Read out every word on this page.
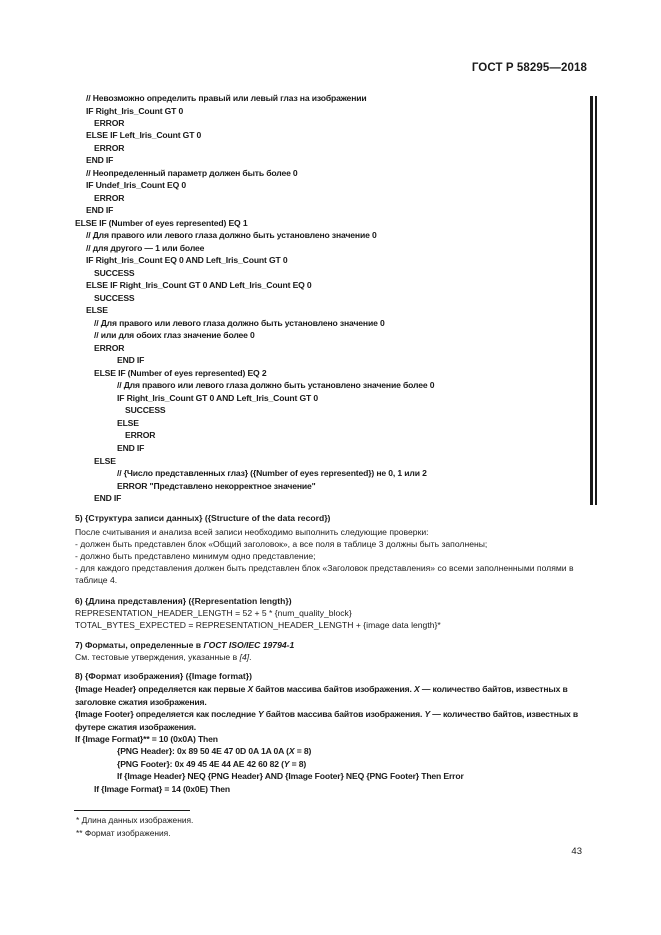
ГОСТ Р 58295—2018
// Невозможно определить правый или левый глаз на изображении
IF Right_Iris_Count GT 0
ERROR
ELSE IF Left_Iris_Count GT 0
ERROR
END IF
// Неопределенный параметр должен быть более 0
IF Undef_Iris_Count EQ 0
ERROR
END IF
ELSE IF (Number of eyes represented) EQ 1
// Для правого или левого глаза должно быть установлено значение 0
// для другого — 1 или более
IF Right_Iris_Count EQ 0 AND Left_Iris_Count GT 0
SUCCESS
ELSE IF Right_Iris_Count GT 0 AND Left_Iris_Count EQ 0
SUCCESS
ELSE
// Для правого или левого глаза должно быть установлено значение 0
// или для обоих глаз значение более 0
ERROR
END IF
ELSE IF (Number of eyes represented) EQ 2
// Для правого или левого глаза должно быть установлено значение более 0
IF Right_Iris_Count GT 0 AND Left_Iris_Count GT 0
SUCCESS
ELSE
ERROR
END IF
ELSE
// {Число представленных глаз} ({Number of eyes represented}) не 0, 1 или 2
ERROR "Представлено некорректное значение"
END IF
5) {Структура записи данных} ({Structure of the data record})
После считывания и анализа всей записи необходимо выполнить следующие проверки:
- должен быть представлен блок «Общий заголовок», а все поля в таблице 3 должны быть заполнены;
- должно быть представлено минимум одно представление;
- для каждого представления должен быть представлен блок «Заголовок представления» со всеми заполненными полями в таблице 4.
6) {Длина представления} ({Representation length})
REPRESENTATION_HEADER_LENGTH = 52 + 5 * {num_quality_block}
TOTAL_BYTES_EXPECTED = REPRESENTATION_HEADER_LENGTH + {image data length}*
7) Форматы, определенные в ГОСТ ISO/IEC 19794-1
См. тестовые утверждения, указанные в [4].
8) {Формат изображения} ({Image format})
{Image Header} определяется как первые X байтов массива байтов изображения. X — количество байтов, известных в заголовке сжатия изображения.
{Image Footer} определяется как последние Y байтов массива байтов изображения. Y — количество байтов, известных в футере сжатия изображения.
If {Image Format}** = 10 (0x0A) Then
{PNG Header}: 0x 89 50 4E 47 0D 0A 1A 0A (X = 8)
{PNG Footer}: 0x 49 45 4E 44 AE 42 60 82 (Y = 8)
If {Image Header} NEQ {PNG Header} AND {Image Footer} NEQ {PNG Footer} Then Error
If {Image Format} = 14 (0x0E) Then
* Длина данных изображения.
** Формат изображения.
43
